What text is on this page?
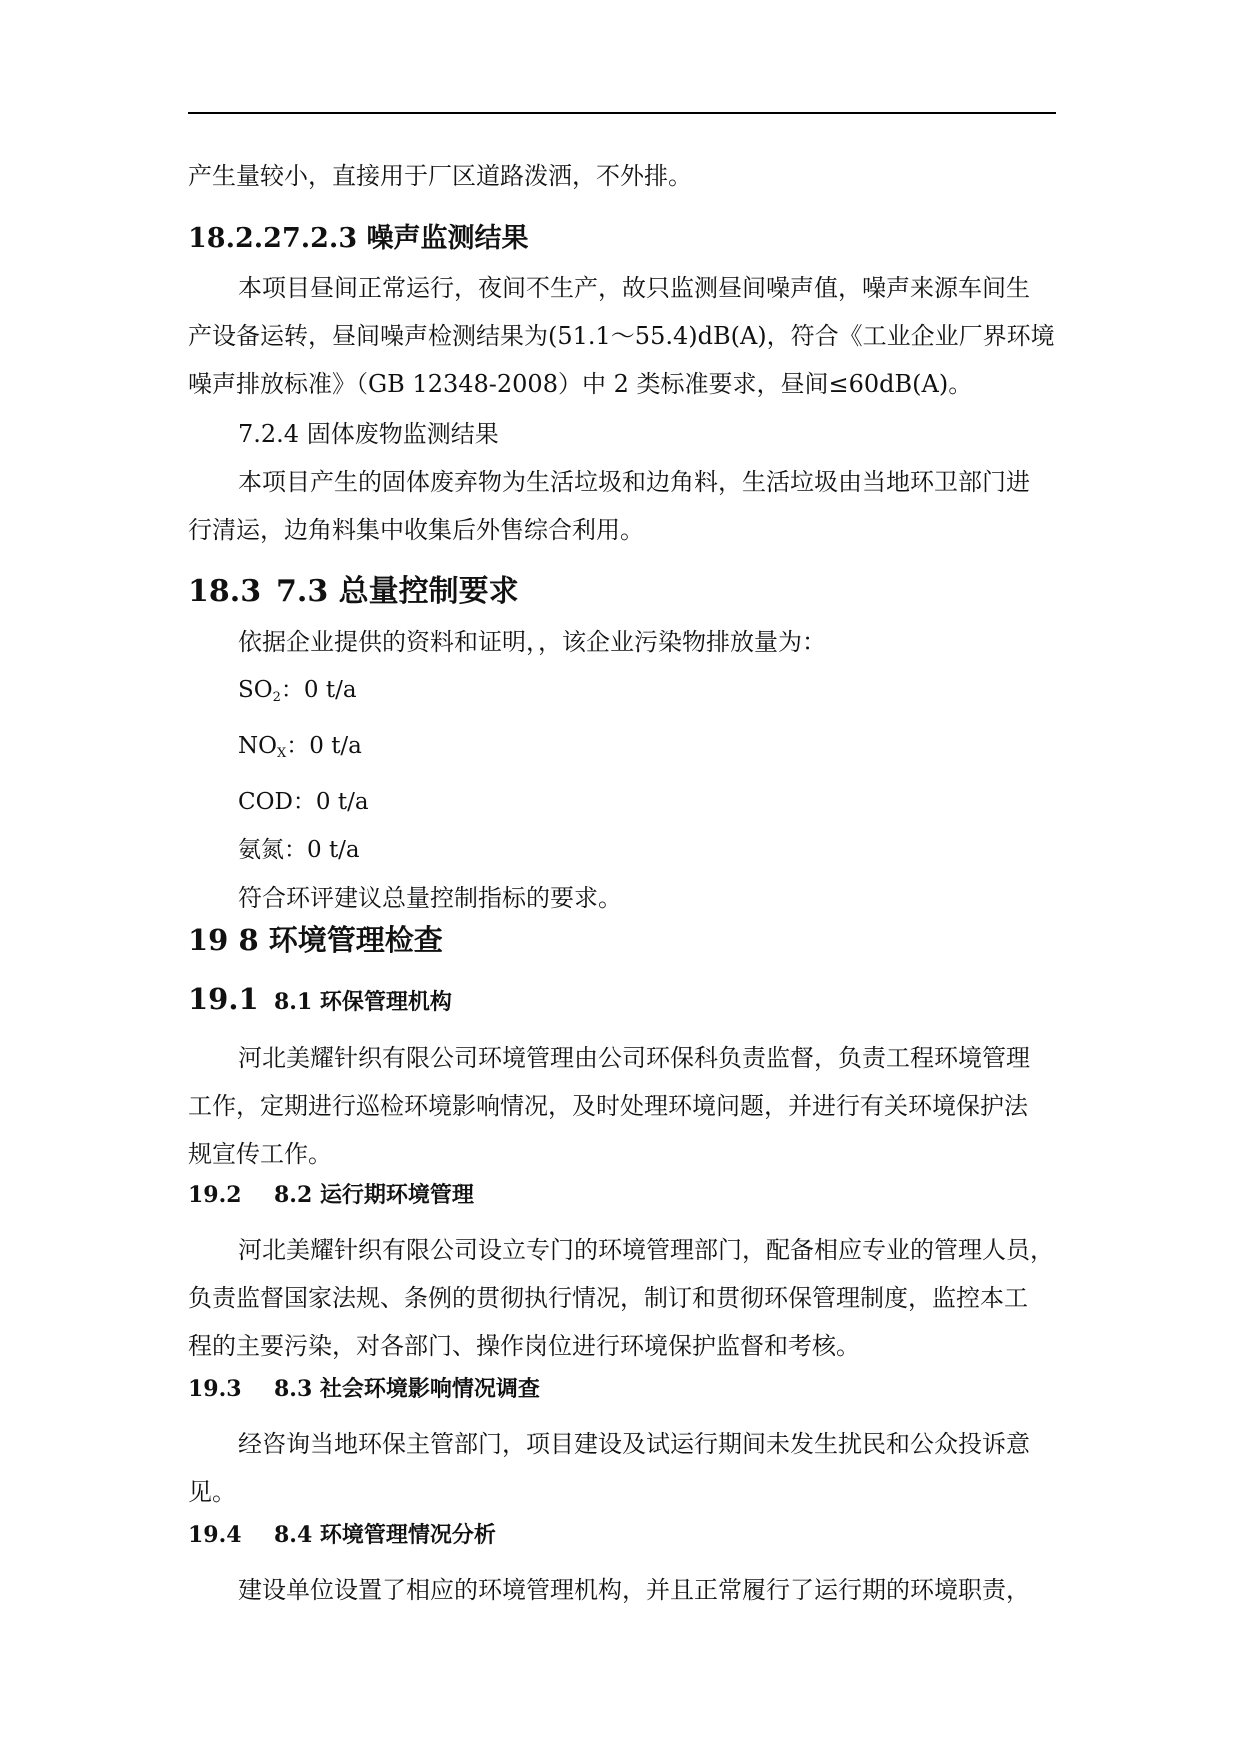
产生量较小，直接用于厂区道路泼洒，不外排。
18.2.27.2.3 噪声监测结果
本项目昼间正常运行，夜间不生产，故只监测昼间噪声值，噪声来源车间生
产设备运转，昼间噪声检测结果为(51.1～55.4)dB(A)，符合《工业企业厂界环境
噪声排放标准》（GB 12348-2008）中 2 类标准要求，昼间≤60dB(A)。
7.2.4 固体废物监测结果
本项目产生的固体废弃物为生活垃圾和边角料，生活垃圾由当地环卫部门进
行清运，边角料集中收集后外售综合利用。
18.3 7.3 总量控制要求
依据企业提供的资料和证明，，该企业污染物排放量为：
$SO_2$：0 t/a
$NO_X$：0 t/a
COD：0 t/a
氨氮：0 t/a
符合环评建议总量控制指标的要求。
19 8 环境管理检查
19.1 8.1 环保管理机构
河北美耀针织有限公司环境管理由公司环保科负责监督，负责工程环境管理
工作，定期进行巡检环境影响情况，及时处理环境问题，并进行有关环境保护法
规宣传工作。
19.2 8.2 运行期环境管理
河北美耀针织有限公司设立专门的环境管理部门，配备相应专业的管理人员，
负责监督国家法规、条例的贯彻执行情况，制订和贯彻环保管理制度，监控本工
程的主要污染，对各部门、操作岗位进行环境保护监督和考核。
19.3 8.3 社会环境影响情况调查
经咨询当地环保主管部门，项目建设及试运行期间未发生扰民和公众投诉意
见。
19.4 8.4 环境管理情况分析
建设单位设置了相应的环境管理机构，并且正常履行了运行期的环境职责，
